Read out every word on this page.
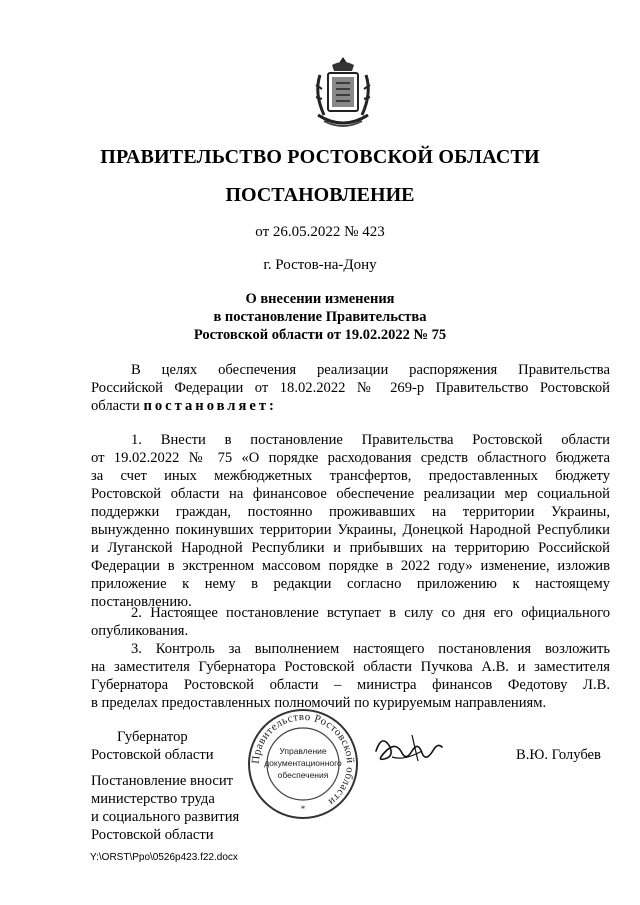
ПРАВИТЕЛЬСТВО РОСТОВСКОЙ ОБЛАСТИ
ПОСТАНОВЛЕНИЕ
от 26.05.2022 № 423
г. Ростов-на-Дону
О внесении изменения
в постановление Правительства
Ростовской области от 19.02.2022 № 75
В целях обеспечения реализации распоряжения Правительства
Российской Федерации от 18.02.2022 № 269-р Правительство Ростовской
области постановляет:
1. Внести в постановление Правительства Ростовской области
от 19.02.2022 № 75 «О порядке расходования средств областного бюджета
за счет иных межбюджетных трансфертов, предоставленных бюджету
Ростовской области на финансовое обеспечение реализации мер социальной
поддержки граждан, постоянно проживавших на территории Украины,
вынужденно покинувших территории Украины, Донецкой Народной Республики
и Луганской Народной Республики и прибывших на территорию Российской
Федерации в экстренном массовом порядке в 2022 году» изменение, изложив
приложение к нему в редакции согласно приложению к настоящему
постановлению.
2. Настоящее постановление вступает в силу со дня его официального
опубликования.
3. Контроль за выполнением настоящего постановления возложить
на заместителя Губернатора Ростовской области Пучкова А.В. и заместителя
Губернатора Ростовской области – министра финансов Федотову Л.В.
в пределах предоставленных полномочий по курируемым направлениям.
Губернатор
Ростовской области	В.Ю. Голубев
Правительство Ростовской области
Управление
документационного
обеспечения
*
Постановление вносит
министерство труда
и социального развития
Ростовской области
Y:\ORST\Ppo\0526p423.f22.docx
